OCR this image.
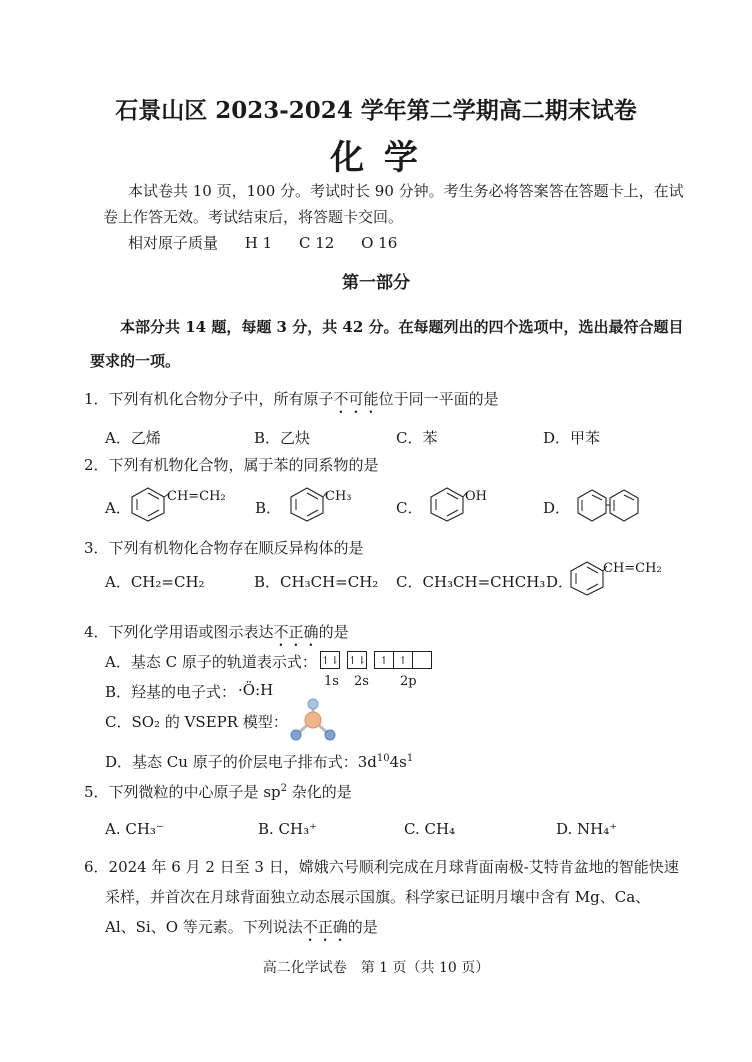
石景山区 2023-2024 学年第二学期高二期末试卷
化 学
本试卷共 10 页，100 分。考试时长 90 分钟。考生务必将答案答在答题卡上，在试
卷上作答无效。考试结束后，将答题卡交回。
相对原子质量 H 1 C 12 O 16
第一部分
本部分共 14 题，每题 3 分，共 42 分。在每题列出的四个选项中，选出最符合题目
要求的一项。
1．下列有机化合物分子中，所有原子不可能位于同一平面的是
A．乙烯	B．乙炔	C．苯	D．甲苯
2．下列有机物化合物，属于苯的同系物的是
A．
CH=CH₂
B．
CH₃
C．
OH
D．
3．下列有机物化合物存在顺反异构体的是
A．CH₂=CH₂	B．CH₃CH=CH₂ C．CH₃CH=CHCH₃ D．
CH=CH₂
4．下列化学用语或图示表达不正确的是
A．基态 C 原子的轨道表示式： ↿⇂ ↿⇂	↿ ↿
1s 2s 2p
B．羟基的电子式： ·Ö:H
C．SO₂ 的 VSEPR 模型：
D．基态 Cu 原子的价层电子排布式：$3d^{10}4s^1$
5．下列微粒的中心原子是 $sp^2$ 杂化的是
A. CH₃⁻	B. CH₃⁺	C. CH₄	D. NH₄⁺
6．2024 年 6 月 2 日至 3 日，嫦娥六号顺利完成在月球背面南极-艾特肯盆地的智能快速
采样，并首次在月球背面独立动态展示国旗。科学家已证明月壤中含有 Mg、Ca、
Al、Si、O 等元素。下列说法不正确的是
高二化学试卷　第 1 页（共 10 页）
